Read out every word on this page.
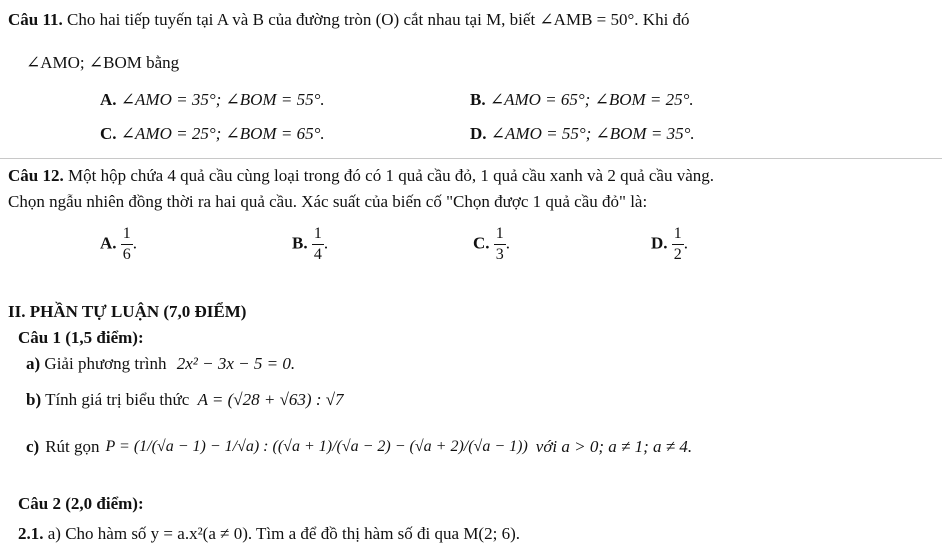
Câu 11. Cho hai tiếp tuyến tại A và B của đường tròn (O) cắt nhau tại M, biết ∠AMB = 50°. Khi đó
∠AMO; ∠BOM bằng
A. ∠AMO = 35°; ∠BOM = 55°.	B. ∠AMO = 65°; ∠BOM = 25°.
C. ∠AMO = 25°; ∠BOM = 65°.	D. ∠AMO = 55°; ∠BOM = 35°.
Câu 12. Một hộp chứa 4 quả cầu cùng loại trong đó có 1 quả cầu đỏ, 1 quả cầu xanh và 2 quả cầu vàng.
Chọn ngẫu nhiên đồng thời ra hai quả cầu. Xác suất của biến cố "Chọn được 1 quả cầu đỏ" là:
A. $\frac{1}{6}$ .	B. $\frac{1}{4}$ .	C. $\frac{1}{3}$ .	D. $\frac{1}{2}$ .
II. PHẦN TỰ LUẬN (7,0 ĐIỂM)
Câu 1 (1,5 điểm):
a) Giải phương trình 2x² − 3x − 5 = 0.
b) Tính giá trị biểu thức A = (√28 + √63) : √7
c) Rút gọn P = (1/(√a − 1) − 1/√a) : ((√a + 1)/(√a − 2) − (√a + 2)/(√a − 1)) với a > 0; a ≠ 1; a ≠ 4.
Câu 2 (2,0 điểm):
2.1. a) Cho hàm số y = a.x²(a ≠ 0). Tìm a để đồ thị hàm số đi qua M(2; 6).
